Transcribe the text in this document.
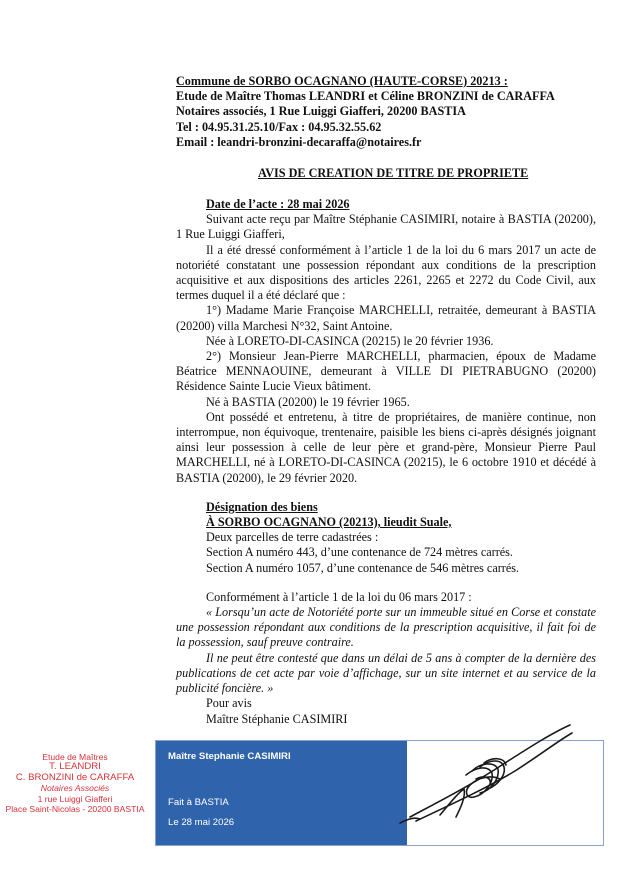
Commune de SORBO OCAGNANO (HAUTE-CORSE) 20213 :
Etude de Maître Thomas LEANDRI et Céline BRONZINI de CARAFFA
Notaires associés, 1 Rue Luiggi Giafferi, 20200 BASTIA
Tel : 04.95.31.25.10/Fax : 04.95.32.55.62
Email : leandri-bronzini-decaraffa@notaires.fr
AVIS DE CREATION DE TITRE DE PROPRIETE

Date de l’acte : 28 mai 2026

Suivant acte reçu par Maître Stéphanie CASIMIRI, notaire à BASTIA (20200), 1 Rue Luiggi Giafferi,

Il a été dressé conformément à l’article 1 de la loi du 6 mars 2017 un acte de notoriété constatant une possession répondant aux conditions de la prescription acquisitive et aux dispositions des articles 2261, 2265 et 2272 du Code Civil, aux termes duquel il a été déclaré que :

1°) Madame Marie Françoise MARCHELLI, retraitée, demeurant à BASTIA (20200) villa Marchesi N°32, Saint Antoine.

Née à LORETO-DI-CASINCA (20215) le 20 février 1936.

2°) Monsieur Jean-Pierre MARCHELLI, pharmacien, époux de Madame Béatrice MENNAOUINE, demeurant à VILLE DI PIETRABUGNO (20200) Résidence Sainte Lucie Vieux bâtiment.

Né à BASTIA (20200) le 19 février 1965.

Ont possédé et entretenu, à titre de propriétaires, de manière continue, non interrompue, non équivoque, trentenaire, paisible les biens ci-après désignés joignant ainsi leur possession à celle de leur père et grand-père, Monsieur Pierre Paul MARCHELLI, né à LORETO-DI-CASINCA (20215), le 6 octobre 1910 et décédé à BASTIA (20200), le 29 février 2020.

Désignation des biens

À SORBO OCAGNANO (20213), lieudit Suale,

Deux parcelles de terre cadastrées :

Section A numéro 443, d’une contenance de 724 mètres carrés.

Section A numéro 1057, d’une contenance de 546 mètres carrés.

Conformément à l’article 1 de la loi du 06 mars 2017 :

« Lorsqu’un acte de Notoriété porte sur un immeuble situé en Corse et constate une possession répondant aux conditions de la prescription acquisitive, il fait foi de la possession, sauf preuve contraire.

Il ne peut être contesté que dans un délai de 5 ans à compter de la dernière des publications de cet acte par voie d’affichage, sur un site internet et au service de la publicité foncière. »

Pour avis

Maître Stéphanie CASIMIRI

Etude de Maîtres
T. LEANDRI
C. BRONZINI de CARAFFA
Notaires Associés
1 rue Luiggi Giafferi
Place Saint-Nicolas - 20200 BASTIA
Maître Stephanie CASIMIRI
Fait à BASTIA
Le 28 mai 2026
